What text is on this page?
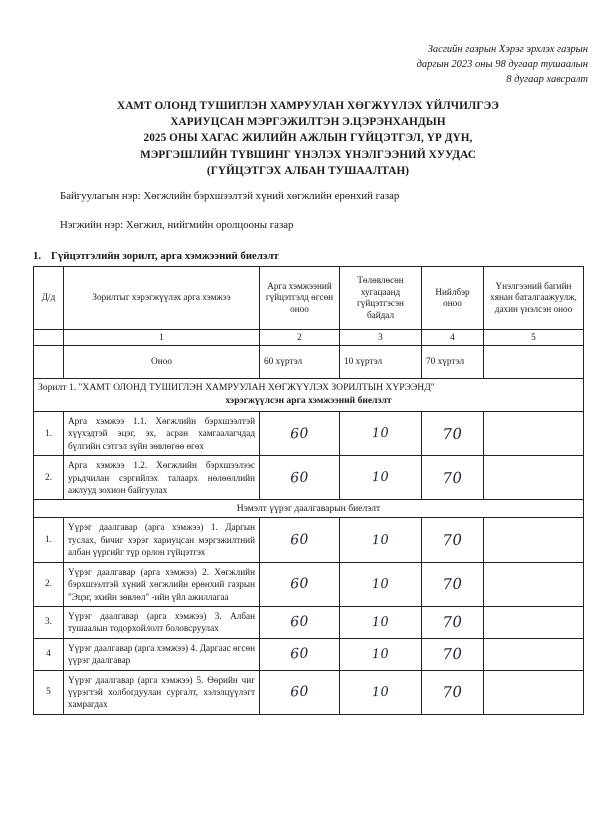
Засгийн газрын Хэрэг эрхлэх газрын
даргын 2023 оны 98 дугаар тушаалын
8 дугаар хавсралт
ХАМТ ОЛОНД ТУШИГЛЭН ХАМРУУЛАН ХӨГЖҮҮЛЭХ ҮЙЛЧИЛГЭЭ
ХАРИУЦСАН МЭРГЭЖИЛТЭН Э.ЦЭРЭНХАНДЫН
2025 ОНЫ ХАГАС ЖИЛИЙН АЖЛЫН ГҮЙЦЭТГЭЛ, ҮР ДҮН,
МЭРГЭШЛИЙН ТҮВШИНГ ҮНЭЛЭХ ҮНЭЛГЭЭНИЙ ХУУДАС
(ГҮЙЦЭТГЭХ АЛБАН ТУШААЛТАН)
Байгуулагын нэр: Хөгжлийн бэрхшээлтэй хүний хөгжлийн ерөнхий газар
Нэгжийн нэр: Хөгжил, нийгмийн оролцооны газар
1. Гүйцэтгэлийн зорилт, арга хэмжээний биелэлт
Д/д	Зорилтыг хэрэгжүүлэх арга хэмжээ	Арга хэмжээний гүйцэтгэлд өгсөн оноо	Төлөвлөсөн хугацаанд гүйцэтгэсэн байдал	Нийлбэр оноо	Үнэлгээний багийн хянан баталгаажуулж, дахин үнэлсэн оноо
	1	2	3	4	5
	Оноо	60 хүртэл	10 хүртэл	70 хүртэл	

Зорилт 1. "ХАМТ ОЛОНД ТУШИГЛЭН ХАМРУУЛАН ХӨГЖҮҮЛЭХ ЗОРИЛТЫН ХҮРЭЭНД"
хэрэгжүүлсэн арга хэмжээний биелэлт					

1.	Арга хэмжээ 1.1. Хөгжлийн бэрхшээлтэй хүүхэдтэй эцэг, эх, асран хамгаалагчдад бүлгийн сэтгэл зүйн зөвлөгөө өгөх	60	10	70	

2.	Арга хэмжээ 1.2. Хөгжлийн бэрхшээлээс урьдчилан сэргийлэх талаарх нөлөөллийн ажлууд зохион байгуулах	60	10	70	

Нэмэлт үүрэг даалгаварын биелэлт					
1.	Үүрэг даалгавар (арга хэмжээ) 1. Даргын туслах, бичиг хэрэг хариуцсан мэргэжилтний албан үүргийг түр орлон гүйцэтгэх	60	10	70	

2.	Үүрэг даалгавар (арга хэмжээ) 2. Хөгжлийн бэрхшээлтэй хүний хөгжлийн ерөнхий газрын "Эцэг, эхийн зөвлөл" -ийн үйл ажиллагаа	60	10	70	

3.	Үүрэг даалгавар (арга хэмжээ) 3. Албан тушаалын тодорхойлолт боловсруулах	60	10	70	

4	Үүрэг даалгавар (арга хэмжээ) 4. Даргаас өгсөн үүрэг даалгавар	60	10	70	

5	Үүрэг даалгавар (арга хэмжээ) 5. Өөрийн чиг үүрэгтэй холбогдуулан сургалт, хэлэлцүүлэгт хамрагдах	60	10	70	
